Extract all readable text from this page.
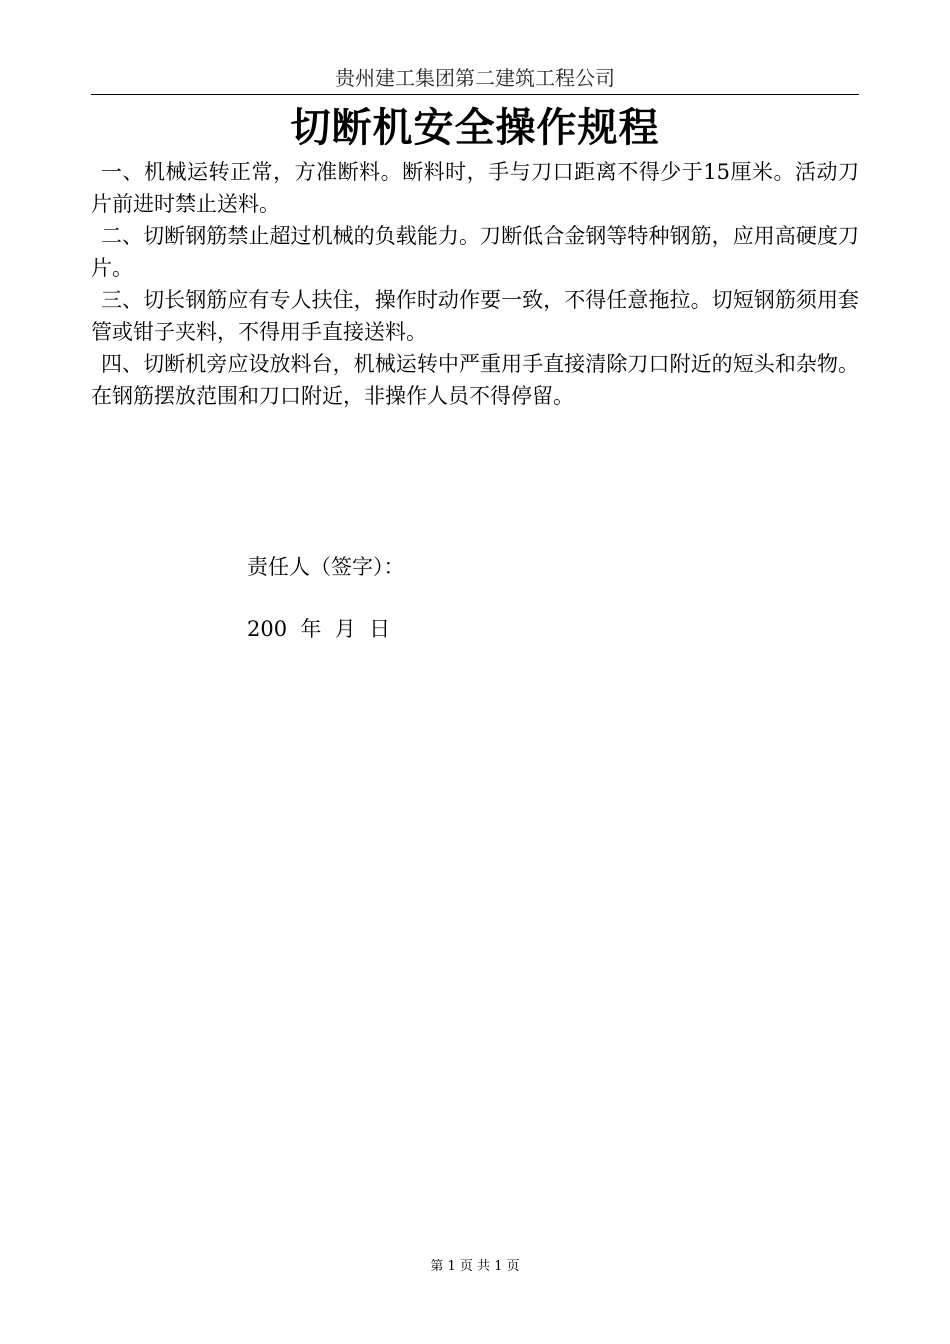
贵州建工集团第二建筑工程公司
切断机安全操作规程

一、机械运转正常，方准断料。断料时，手与刀口距离不得少于15厘米。活动刀片前进时禁止送料。

二、切断钢筋禁止超过机械的负载能力。刀断低合金钢等特种钢筋，应用高硬度刀片。

三、切长钢筋应有专人扶住，操作时动作要一致，不得任意拖拉。切短钢筋须用套管或钳子夹料，不得用手直接送料。

四、切断机旁应设放料台，机械运转中严重用手直接清除刀口附近的短头和杂物。在钢筋摆放范围和刀口附近，非操作人员不得停留。

责任人（签字）：
200  年  月  日
第 1 页 共 1 页
